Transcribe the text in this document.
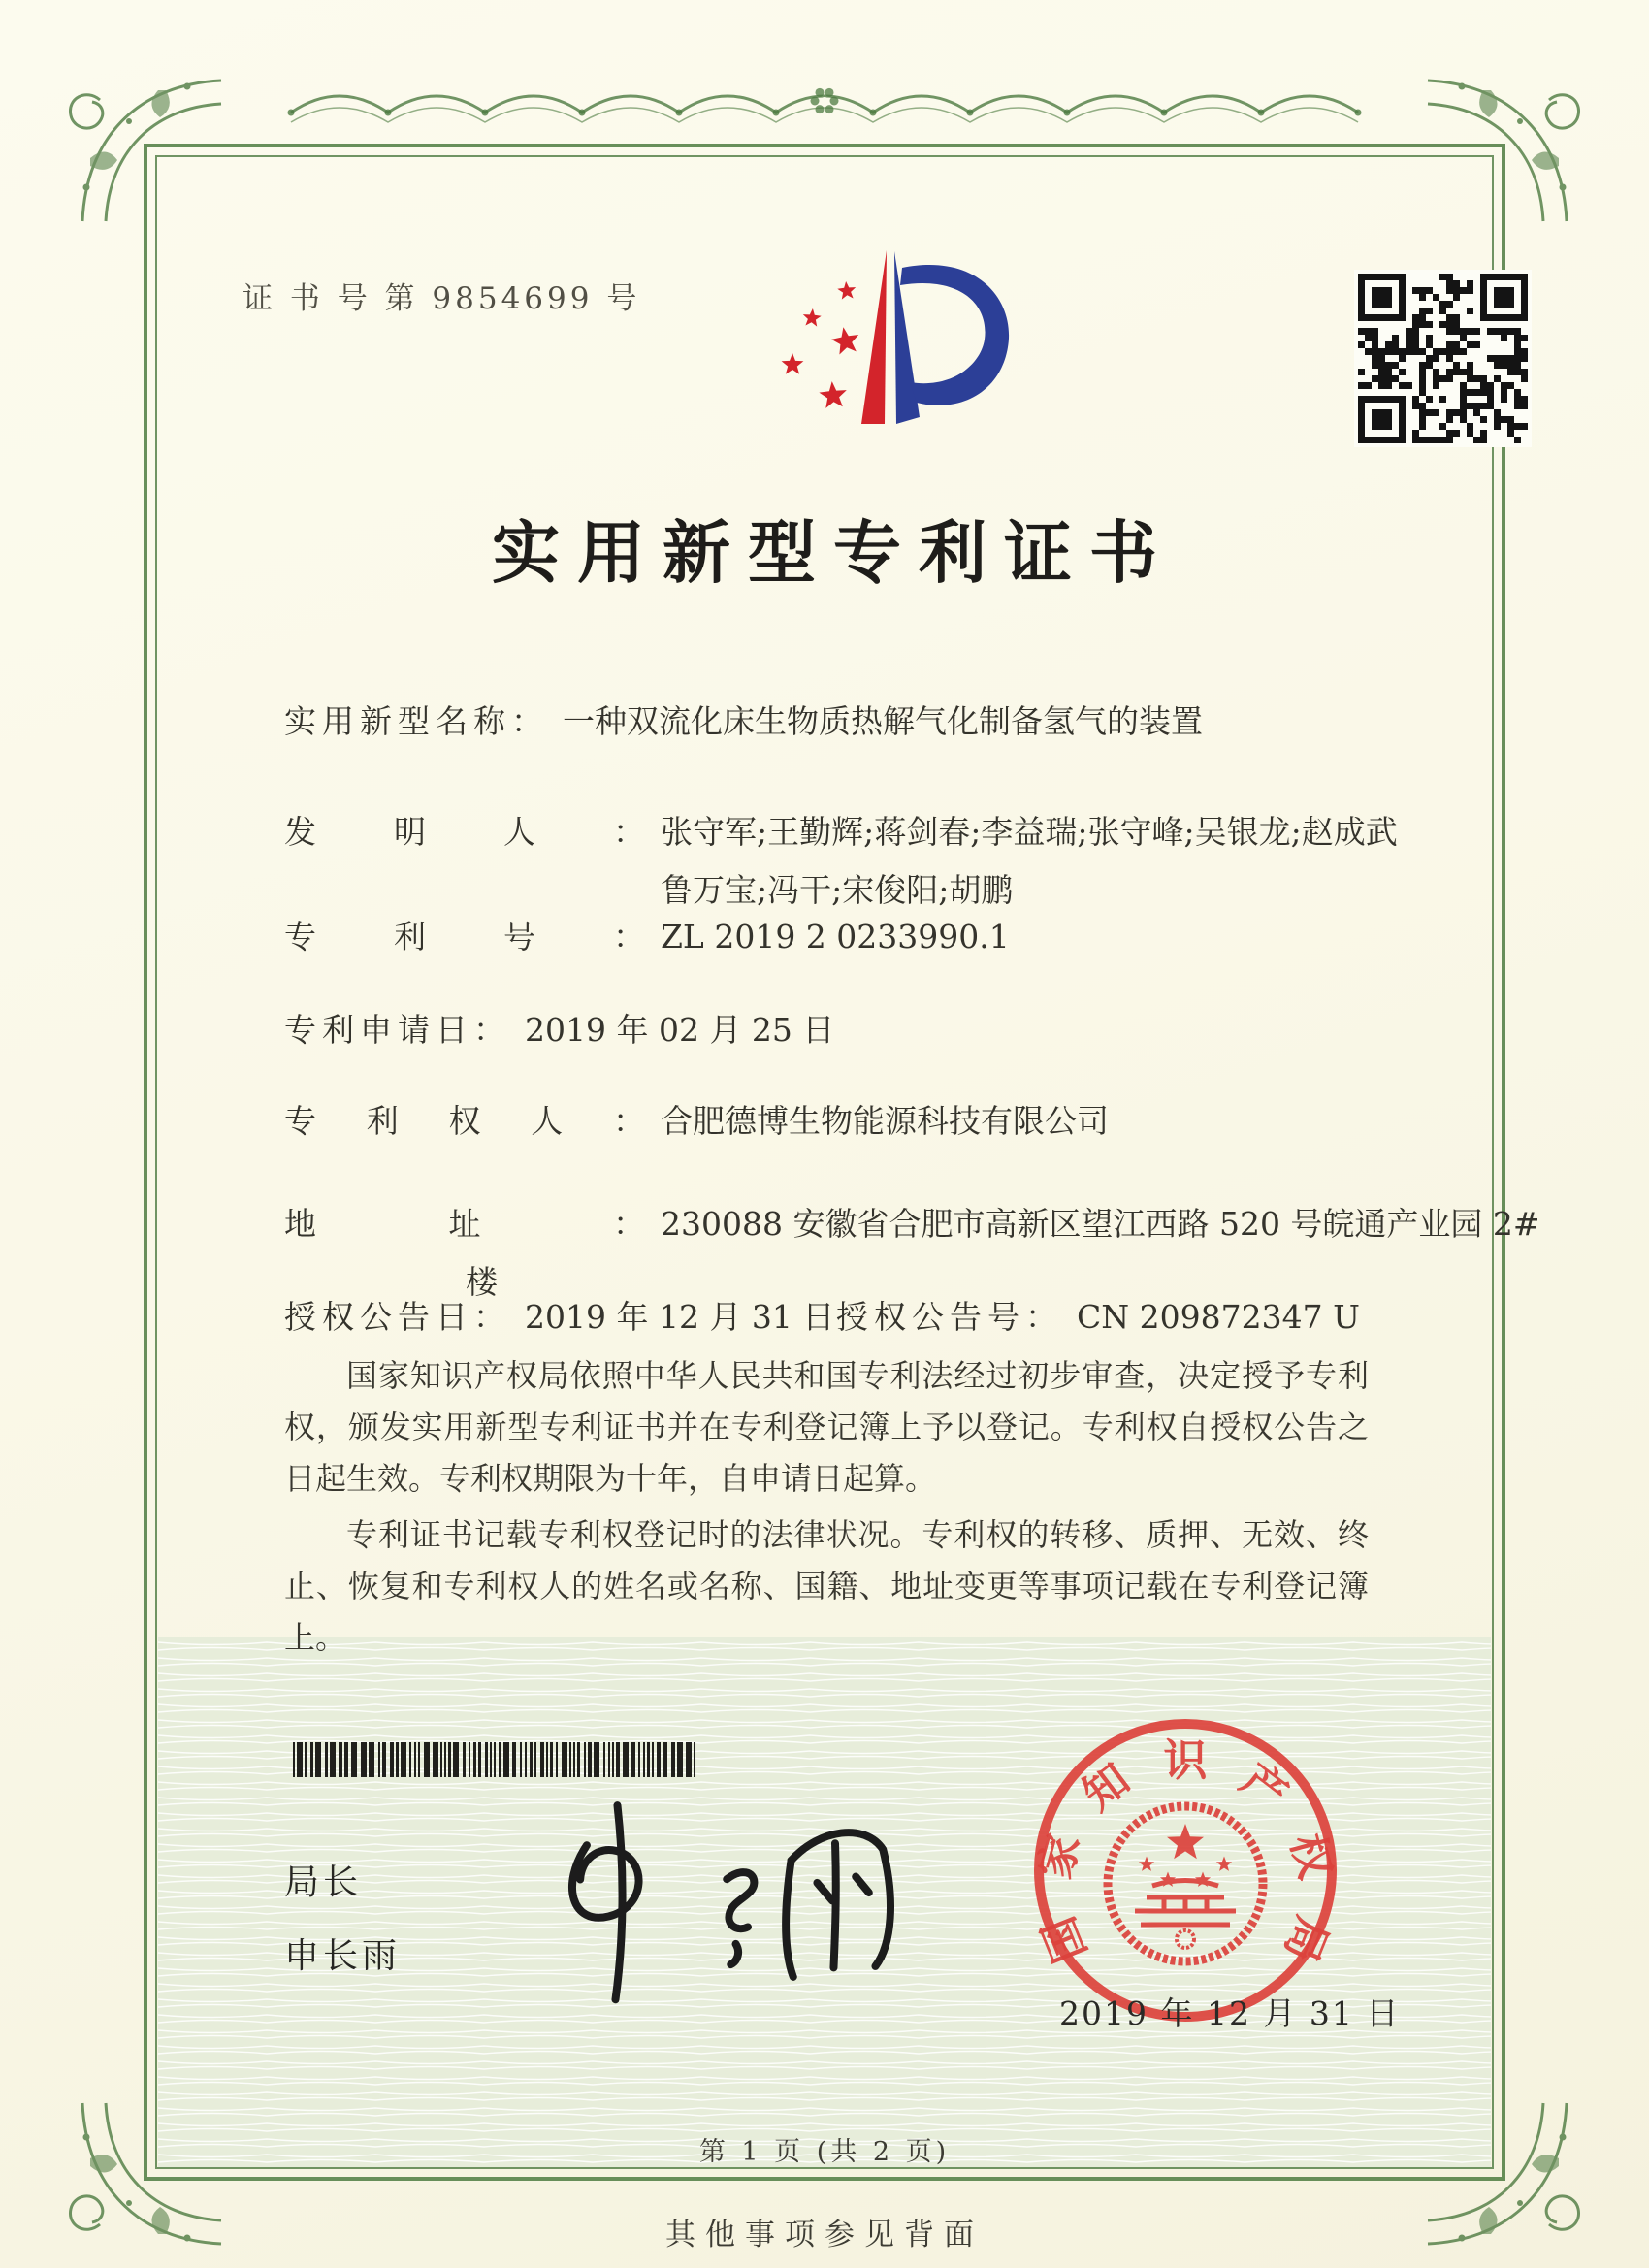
证 书 号 第 9854699 号
实用新型专利证书
实用新型名称： 一种双流化床生物质热解气化制备氢气的装置
发明人： 张守军;王勤辉;蒋剑春;李益瑞;张守峰;吴银龙;赵成武
鲁万宝;冯干;宋俊阳;胡鹏
专利号： ZL 2019 2 0233990.1
专利申请日： 2019 年 02 月 25 日
专利权人： 合肥德博生物能源科技有限公司
地址： 230088 安徽省合肥市高新区望江西路 520 号皖通产业园 2#
楼
授权公告日： 2019 年 12 月 31 日 授权公告号： CN 209872347 U
国家知识产权局依照中华人民共和国专利法经过初步审查，决定授予专利权，颁发实用新型专利证书并在专利登记簿上予以登记。专利权自授权公告之日起生效。专利权期限为十年，自申请日起算。
专利证书记载专利权登记时的法律状况。专利权的转移、质押、无效、终止、恢复和专利权人的姓名或名称、国籍、地址变更等事项记载在专利登记簿上。
局长
申长雨	国
家
知 识 产
权
局
2019 年 12 月 31 日
第 1 页 (共 2 页)
其他事项参见背面
